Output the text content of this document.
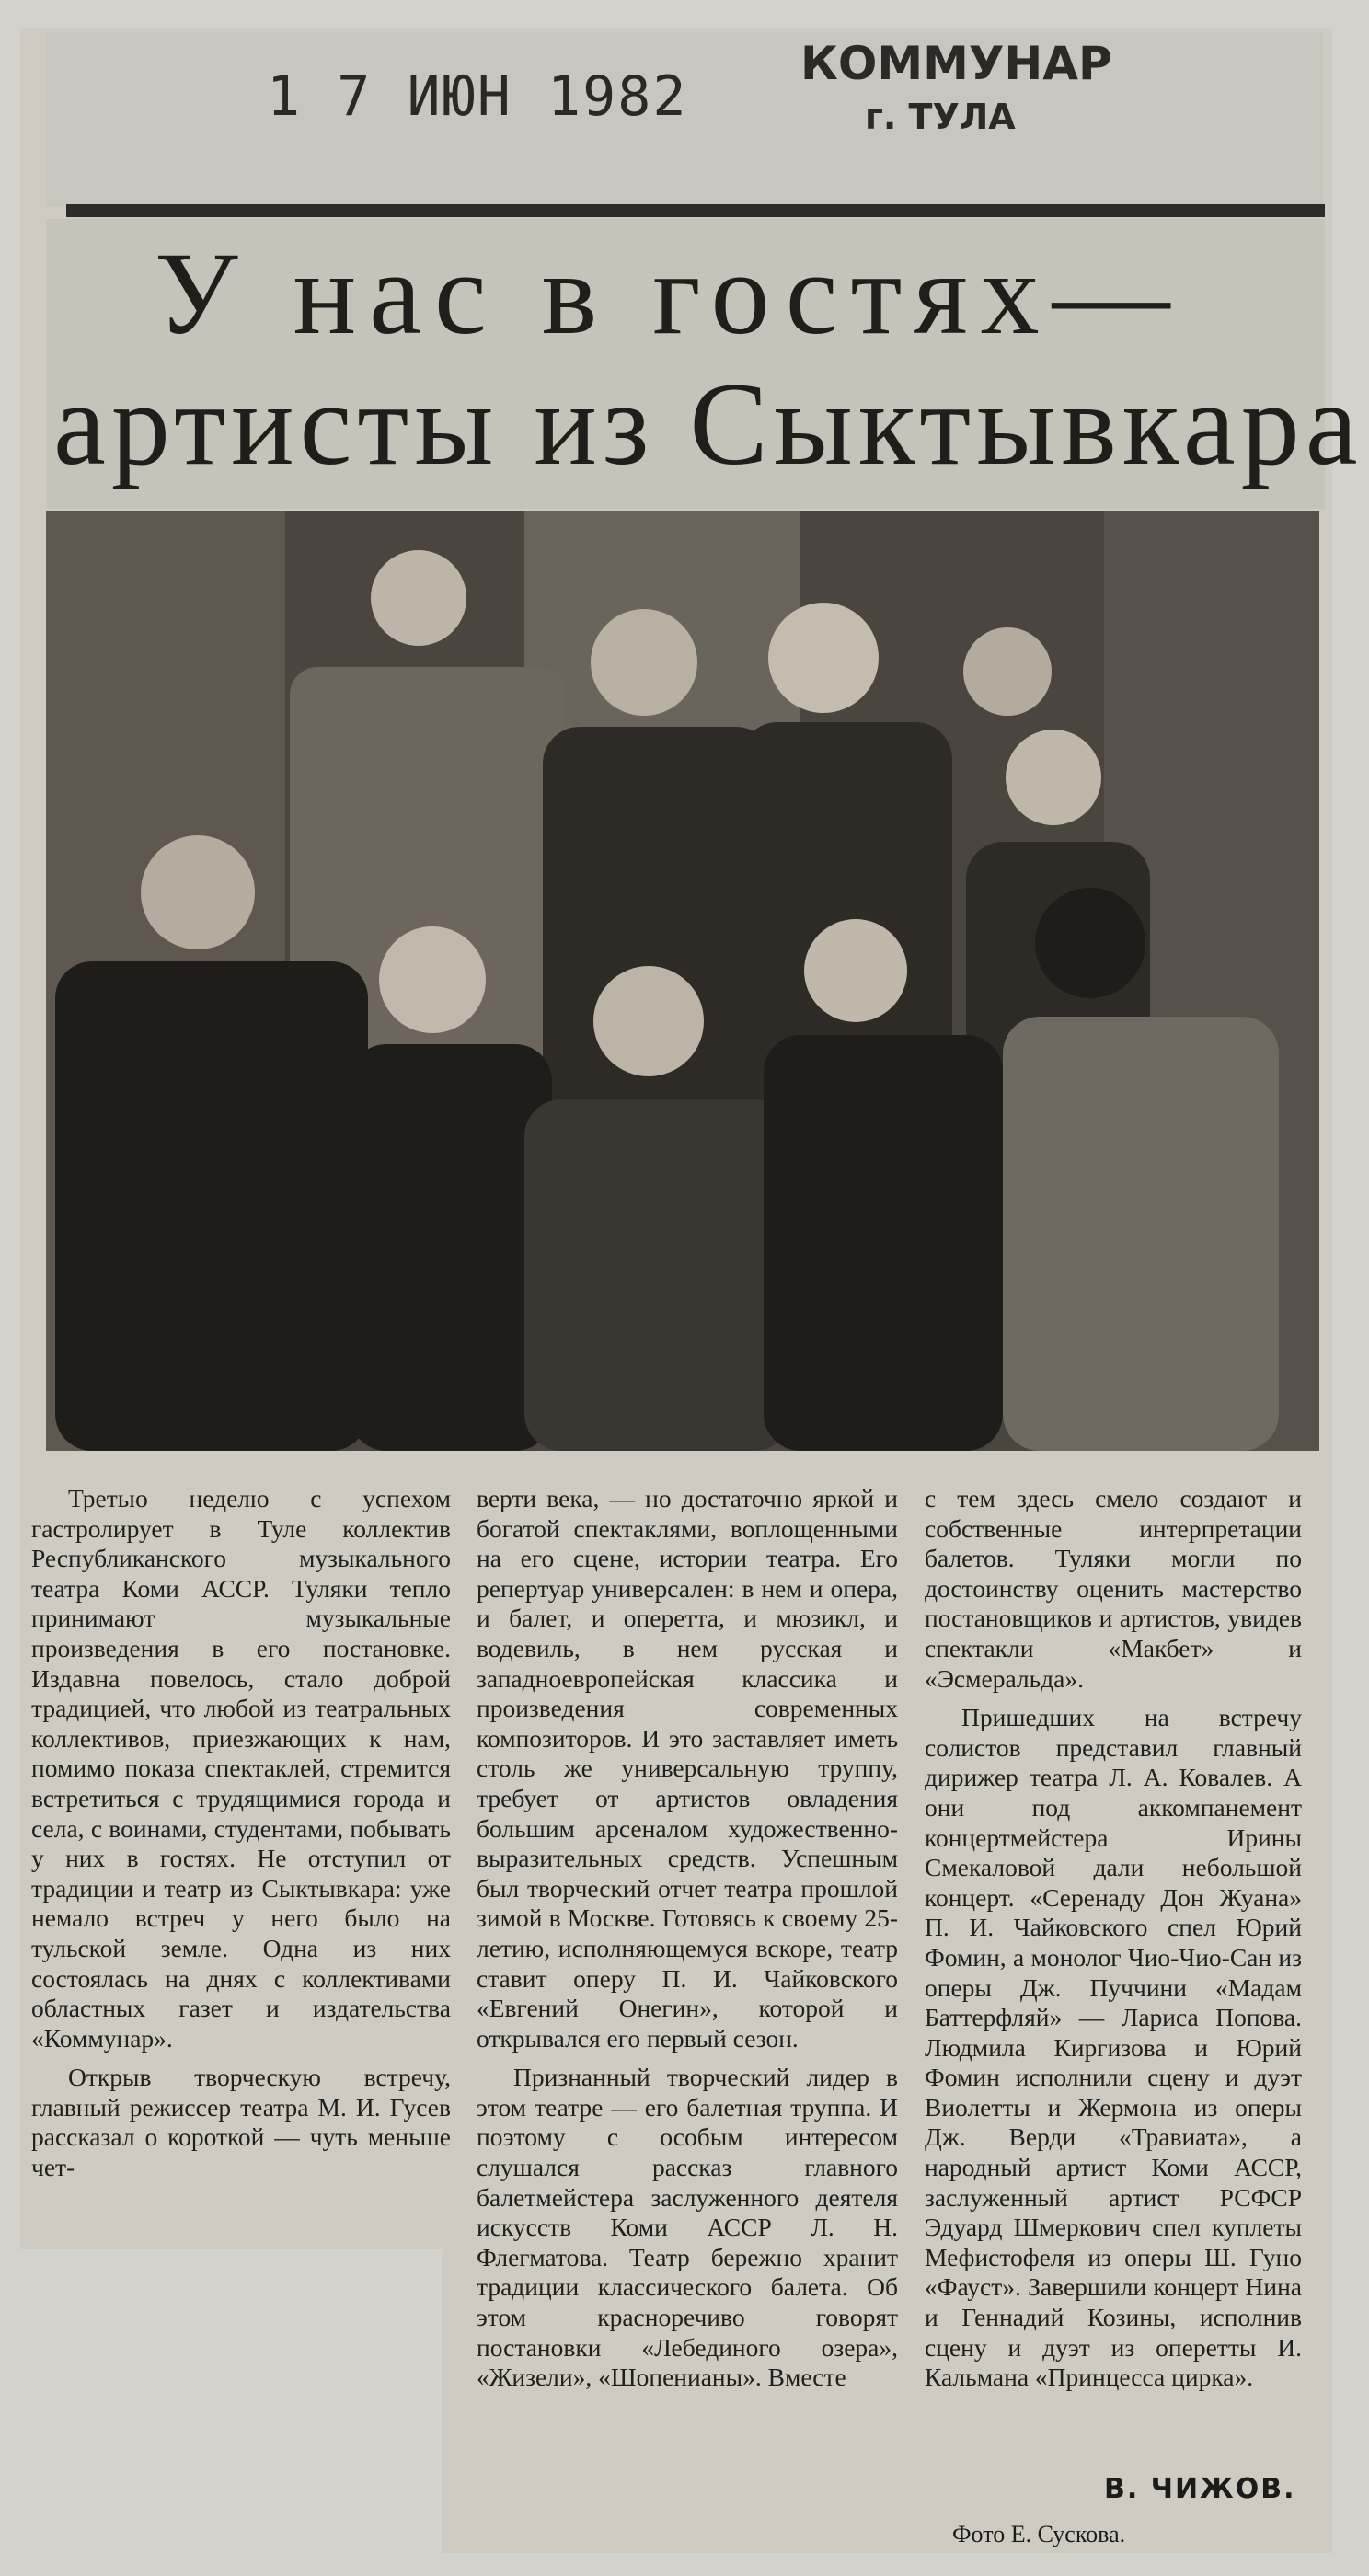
1 7 ИЮН 1982
КОММУНАР
г. ТУЛА
У нас в гостях—
артисты из Сыктывкара

Третью неделю с успехом гастролирует в Туле коллектив Республиканского музыкального театра Коми АССР. Туляки тепло принимают музыкальные произведения в его постановке. Издавна повелось, стало доброй традицией, что любой из театральных коллективов, приезжающих к нам, помимо показа спектаклей, стремится встретиться с трудящимися города и села, с воинами, студентами, побывать у них в гостях. Не отступил от традиции и театр из Сыктывкара: уже немало встреч у него было на тульской земле. Одна из них состоялась на днях с коллективами областных газет и издательства «Коммунар».

Открыв творческую встречу, главный режиссер театра М. И. Гусев рассказал о короткой — чуть меньше чет-

верти века, — но достаточно яркой и богатой спектаклями, воплощенными на его сцене, истории театра. Его репертуар универсален: в нем и опера, и балет, и оперетта, и мюзикл, и водевиль, в нем русская и западноевропейская классика и произведения современных композиторов. И это заставляет иметь столь же универсальную труппу, требует от артистов овладения большим арсеналом художественно-выразительных средств. Успешным был творческий отчет театра прошлой зимой в Москве. Готовясь к своему 25-летию, исполняющемуся вскоре, театр ставит оперу П. И. Чайковского «Евгений Онегин», которой и открывался его первый сезон.

Признанный творческий лидер в этом театре — его балетная труппа. И поэтому с особым интересом слушался рассказ главного балетмейстера заслуженного деятеля искусств Коми АССР Л. Н. Флегматова. Театр бережно хранит традиции классического балета. Об этом красноречиво говорят постановки «Лебединого озера», «Жизели», «Шопенианы». Вместе

с тем здесь смело создают и собственные интерпретации балетов. Туляки могли по достоинству оценить мастерство постановщиков и артистов, увидев спектакли «Макбет» и «Эсмеральда».

Пришедших на встречу солистов представил главный дирижер театра Л. А. Ковалев. А они под аккомпанемент концертмейстера Ирины Смекаловой дали небольшой концерт. «Серенаду Дон Жуана» П. И. Чайковского спел Юрий Фомин, а монолог Чио-Чио-Сан из оперы Дж. Пуччини «Мадам Баттерфляй» — Лариса Попова. Людмила Киргизова и Юрий Фомин исполнили сцену и дуэт Виолетты и Жермона из оперы Дж. Верди «Травиата», а народный артист Коми АССР, заслуженный артист РСФСР Эдуард Шмеркович спел куплеты Мефистофеля из оперы Ш. Гуно «Фауст». Завершили концерт Нина и Геннадий Козины, исполнив сцену и дуэт из оперетты И. Кальмана «Принцесса цирка».

В. ЧИЖОВ.
Фото Е. Сускова.
